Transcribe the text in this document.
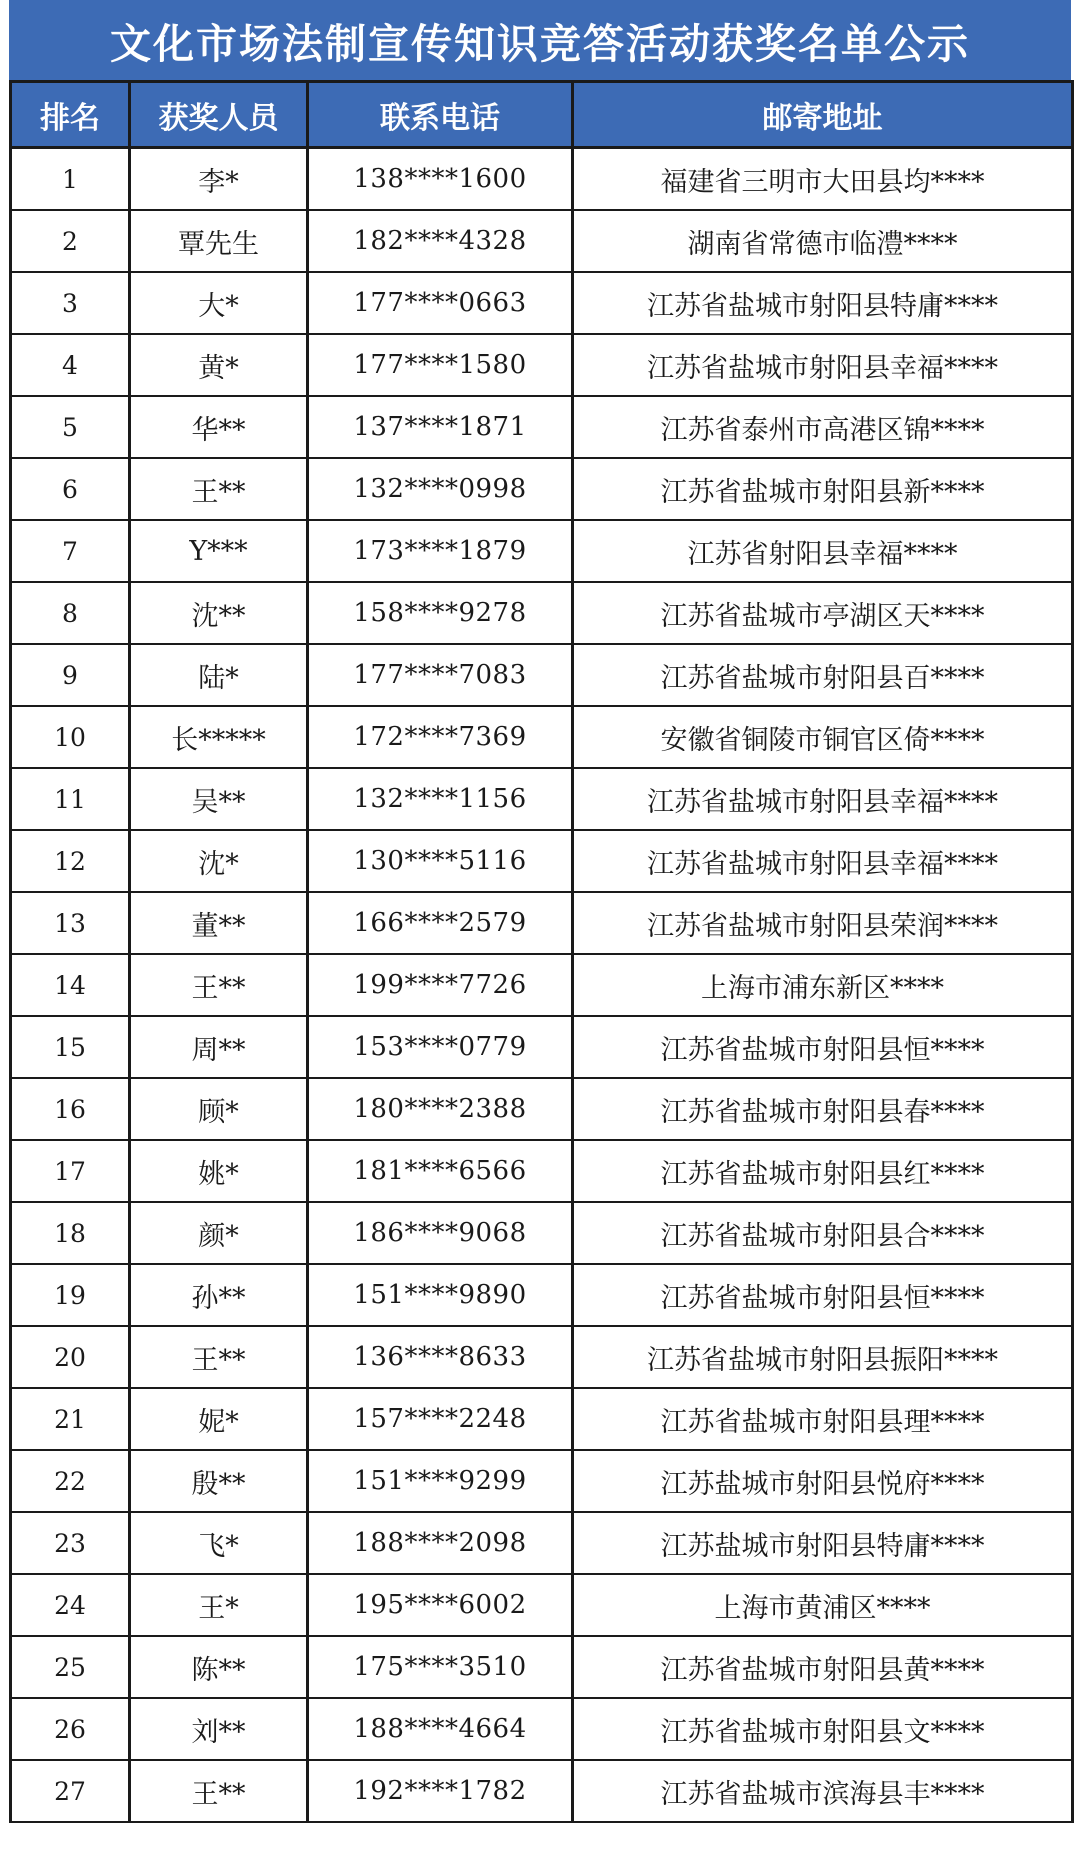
文化市场法制宣传知识竞答活动获奖名单公示
排名	获奖人员	联系电话	邮寄地址
1	李*	138****1600	福建省三明市大田县均****
2	覃先生	182****4328	湖南省常德市临澧****
3	大*	177****0663	江苏省盐城市射阳县特庸****
4	黄*	177****1580	江苏省盐城市射阳县幸福****
5	华**	137****1871	江苏省泰州市高港区锦****
6	王**	132****0998	江苏省盐城市射阳县新****
7	Y***	173****1879	江苏省射阳县幸福****
8	沈**	158****9278	江苏省盐城市亭湖区天****
9	陆*	177****7083	江苏省盐城市射阳县百****
10	长*****	172****7369	安徽省铜陵市铜官区倚****
11	吴**	132****1156	江苏省盐城市射阳县幸福****
12	沈*	130****5116	江苏省盐城市射阳县幸福****
13	董**	166****2579	江苏省盐城市射阳县荣润****
14	王**	199****7726	上海市浦东新区****
15	周**	153****0779	江苏省盐城市射阳县恒****
16	顾*	180****2388	江苏省盐城市射阳县春****
17	姚*	181****6566	江苏省盐城市射阳县红****
18	颜*	186****9068	江苏省盐城市射阳县合****
19	孙**	151****9890	江苏省盐城市射阳县恒****
20	王**	136****8633	江苏省盐城市射阳县振阳****
21	妮*	157****2248	江苏省盐城市射阳县理****
22	殷**	151****9299	江苏盐城市射阳县悦府****
23	飞*	188****2098	江苏盐城市射阳县特庸****
24	王*	195****6002	上海市黄浦区****
25	陈**	175****3510	江苏省盐城市射阳县黄****
26	刘**	188****4664	江苏省盐城市射阳县文****
27	王**	192****1782	江苏省盐城市滨海县丰****
